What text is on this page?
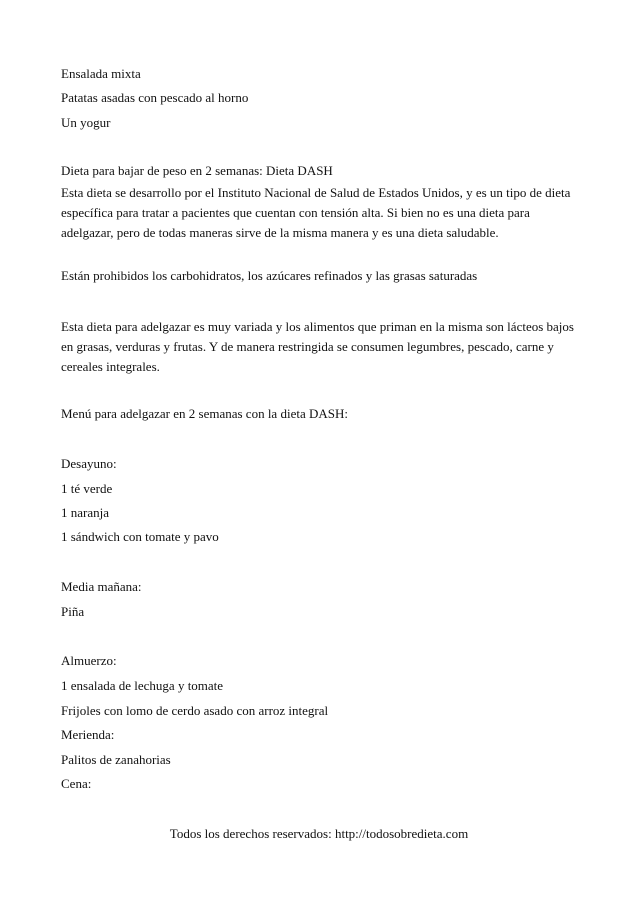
Ensalada mixta

Patatas asadas con pescado al horno

Un yogur

Dieta para bajar de peso en 2 semanas: Dieta DASH

Esta dieta se desarrollo por el Instituto Nacional de Salud de Estados Unidos, y es un tipo de dieta específica para tratar a pacientes que cuentan con tensión alta. Si bien no es una dieta para adelgazar, pero de todas maneras sirve de la misma manera y es una dieta saludable.

Están prohibidos los carbohidratos, los azúcares refinados y las grasas saturadas

Esta dieta para adelgazar es muy variada y los alimentos que priman en la misma son lácteos bajos en grasas, verduras y frutas. Y de manera restringida se consumen legumbres, pescado, carne y cereales integrales.

Menú para adelgazar en 2 semanas con la dieta DASH:

Desayuno:

1 té verde

1 naranja

1 sándwich con tomate y pavo

Media mañana:

Piña

Almuerzo:

1 ensalada de lechuga y tomate

Frijoles con lomo de cerdo asado con arroz integral

Merienda:

Palitos de zanahorias

Cena:

Todos los derechos reservados: http://todosobredieta.com
